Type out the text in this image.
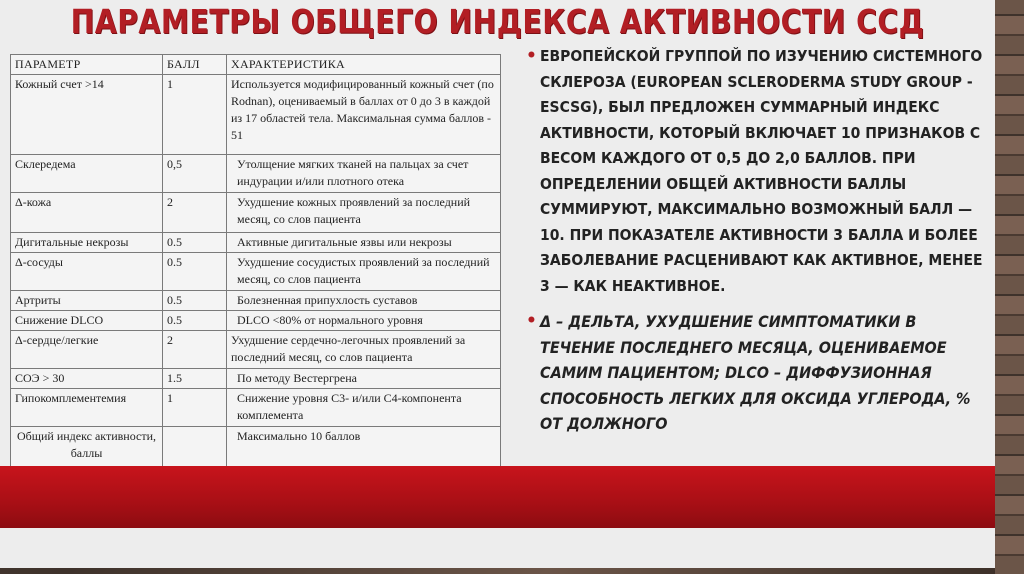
ПАРАМЕТРЫ ОБЩЕГО ИНДЕКСА АКТИВНОСТИ ССД
ПАРАМЕТР	БАЛЛ	ХАРАКТЕРИСТИКА
Кожный счет >14	1	Используется модифицированный кожный счет (по Rodnan), оцениваемый в баллах от 0 до 3 в каждой из 17 областей тела. Максимальная сумма баллов - 51
Склередема	0,5	Утолщение мягких тканей на пальцах за счет индурации и/или плотного отека
Δ-кожа	2	Ухудшение кожных проявлений за последний месяц, со слов пациента
Дигитальные некрозы	0.5	Активные дигитальные язвы или некрозы
Δ-сосуды	0.5	Ухудшение сосудистых проявлений за последний месяц, со слов пациента
Артриты	0.5	Болезненная припухлость суставов
Снижение DLCO	0.5	DLCO <80% от нормального уровня
Δ-сердце/легкие	2	Ухудшение сердечно-легочных проявлений за последний месяц, со слов пациента
СОЭ > 30	1.5	По методу Вестергрена
Гипокомплементемия	1	Снижение уровня С3- и/или С4-компонента комплемента
Общий индекс активности, баллы		Максимально 10 баллов
• ЕВРОПЕЙСКОЙ ГРУППОЙ ПО ИЗУЧЕНИЮ СИСТЕМНОГО СКЛЕРОЗА (EUROPEAN SCLERODERMA STUDY GROUP - ESCSG), БЫЛ ПРЕДЛОЖЕН СУММАРНЫЙ ИНДЕКС АКТИВНОСТИ, КОТОРЫЙ ВКЛЮЧАЕТ 10 ПРИЗНАКОВ С ВЕСОМ КАЖДОГО ОТ 0,5 ДО 2,0 БАЛЛОВ. ПРИ ОПРЕДЕЛЕНИИ ОБЩЕЙ АКТИВНОСТИ БАЛЛЫ СУММИРУЮТ, МАКСИМАЛЬНО ВОЗМОЖНЫЙ БАЛЛ — 10. ПРИ ПОКАЗАТЕЛЕ АКТИВНОСТИ 3 БАЛЛА И БОЛЕЕ ЗАБОЛЕВАНИЕ РАСЦЕНИВАЮТ КАК АКТИВНОЕ, МЕНЕЕ 3 — КАК НЕАКТИВНОЕ.
• Δ – ДЕЛЬТА, УХУДШЕНИЕ СИМПТОМАТИКИ В ТЕЧЕНИЕ ПОСЛЕДНЕГО МЕСЯЦА, ОЦЕНИВАЕМОЕ САМИМ ПАЦИЕНТОМ; DLCO – ДИФФУЗИОННАЯ СПОСОБНОСТЬ ЛЕГКИХ ДЛЯ ОКСИДА УГЛЕРОДА, % ОТ ДОЛЖНОГО
